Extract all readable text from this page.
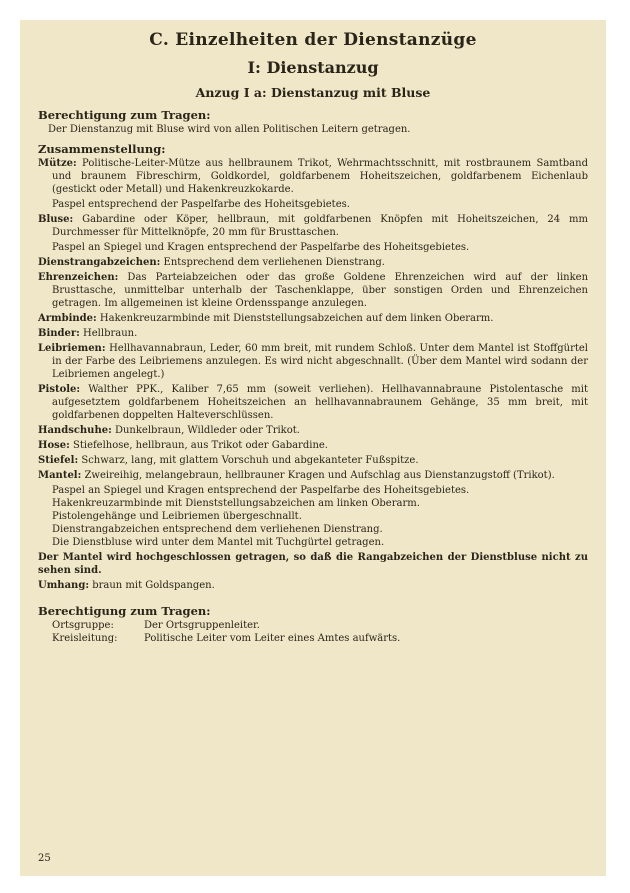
C. Einzelheiten der Dienstanzüge
I: Dienstanzug
Anzug I a: Dienstanzug mit Bluse
Berechtigung zum Tragen:
Der Dienstanzug mit Bluse wird von allen Politischen Leitern getragen.
Zusammenstellung:
Mütze: Politische-Leiter-Mütze aus hellbraunem Trikot, Wehrmachtsschnitt, mit rostbraunem Samtband und braunem Fibreschirm, Goldkordel, goldfarbenem Hoheitszeichen, goldfarbenem Eichenlaub (gestickt oder Metall) und Hakenkreuzkokarde.
Paspel entsprechend der Paspelfarbe des Hoheitsgebietes.
Bluse: Gabardine oder Köper, hellbraun, mit goldfarbenen Knöpfen mit Hoheitszeichen, 24 mm Durchmesser für Mittelknöpfe, 20 mm für Brusttaschen.
Paspel an Spiegel und Kragen entsprechend der Paspelfarbe des Hoheitsgebietes.
Dienstrangabzeichen: Entsprechend dem verliehenen Dienstrang.
Ehrenzeichen: Das Parteiabzeichen oder das große Goldene Ehrenzeichen wird auf der linken Brusttasche, unmittelbar unterhalb der Taschenklappe, über sonstigen Orden und Ehrenzeichen getragen. Im allgemeinen ist kleine Ordensspange anzulegen.
Armbinde: Hakenkreuzarmbinde mit Dienststellungsabzeichen auf dem linken Oberarm.
Binder: Hellbraun.
Leibriemen: Hellhavannabraun, Leder, 60 mm breit, mit rundem Schloß. Unter dem Mantel ist Stoffgürtel in der Farbe des Leibriemens anzulegen. Es wird nicht abgeschnallt. (Über dem Mantel wird sodann der Leibriemen angelegt.)
Pistole: Walther PPK., Kaliber 7,65 mm (soweit verliehen). Hellhavannabraune Pistolentasche mit aufgesetztem goldfarbenem Hoheitszeichen an hellhavannabraunem Gehänge, 35 mm breit, mit goldfarbenen doppelten Halteverschlüssen.
Handschuhe: Dunkelbraun, Wildleder oder Trikot.
Hose: Stiefelhose, hellbraun, aus Trikot oder Gabardine.
Stiefel: Schwarz, lang, mit glattem Vorschuh und abgekanteter Fußspitze.
Mantel: Zweireihig, melangebraun, hellbrauner Kragen und Aufschlag aus Dienstanzugstoff (Trikot).
Paspel an Spiegel und Kragen entsprechend der Paspelfarbe des Hoheitsgebietes.
Hakenkreuzarmbinde mit Dienststellungsabzeichen am linken Oberarm.
Pistolengehänge und Leibriemen übergeschnallt.
Dienstrangabzeichen entsprechend dem verliehenen Dienstrang.
Die Dienstbluse wird unter dem Mantel mit Tuchgürtel getragen.
Der Mantel wird hochgeschlossen getragen, so daß die Rangabzeichen der Dienstbluse nicht zu sehen sind.
Umhang: braun mit Goldspangen.
Berechtigung zum Tragen:
Ortsgruppe:	Der Ortsgruppenleiter.
Kreisleitung:	Politische Leiter vom Leiter eines Amtes aufwärts.
25
